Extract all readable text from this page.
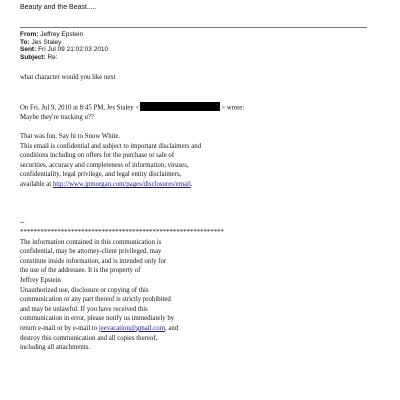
Beauty and the Beast.....
From: Jeffrey Epstein
To: Jes Staley
Sent: Fri Jul 09 21:02:03 2010
Subject: Re:
what character would you like next
On Fri, Jul 9, 2010 at 8:45 PM, Jes Staley <	> wrote:
Maybe they're tracking u??
That was fun. Say hi to Snow White.
This email is confidential and subject to important disclaimers and
conditions including on offers for the purchase or sale of
securities, accuracy and completeness of information, viruses,
confidentiality, legal privilege, and legal entity disclaimers,
available at http://www.jpmorgan.com/pages/disclosures/email.
--
************************************************************
The information contained in this communication is
confidential, may be attorney-client privileged, may
constitute inside information, and is intended only for
the use of the addressee. It is the property of
Jeffrey Epstein
Unauthorized use, disclosure or copying of this
communication or any part thereof is strictly prohibited
and may be unlawful. If you have received this
communication in error, please notify us immediately by
return e-mail or by e-mail to jeevacation@gmail.com, and
destroy this communication and all copies thereof,
including all attachments.
